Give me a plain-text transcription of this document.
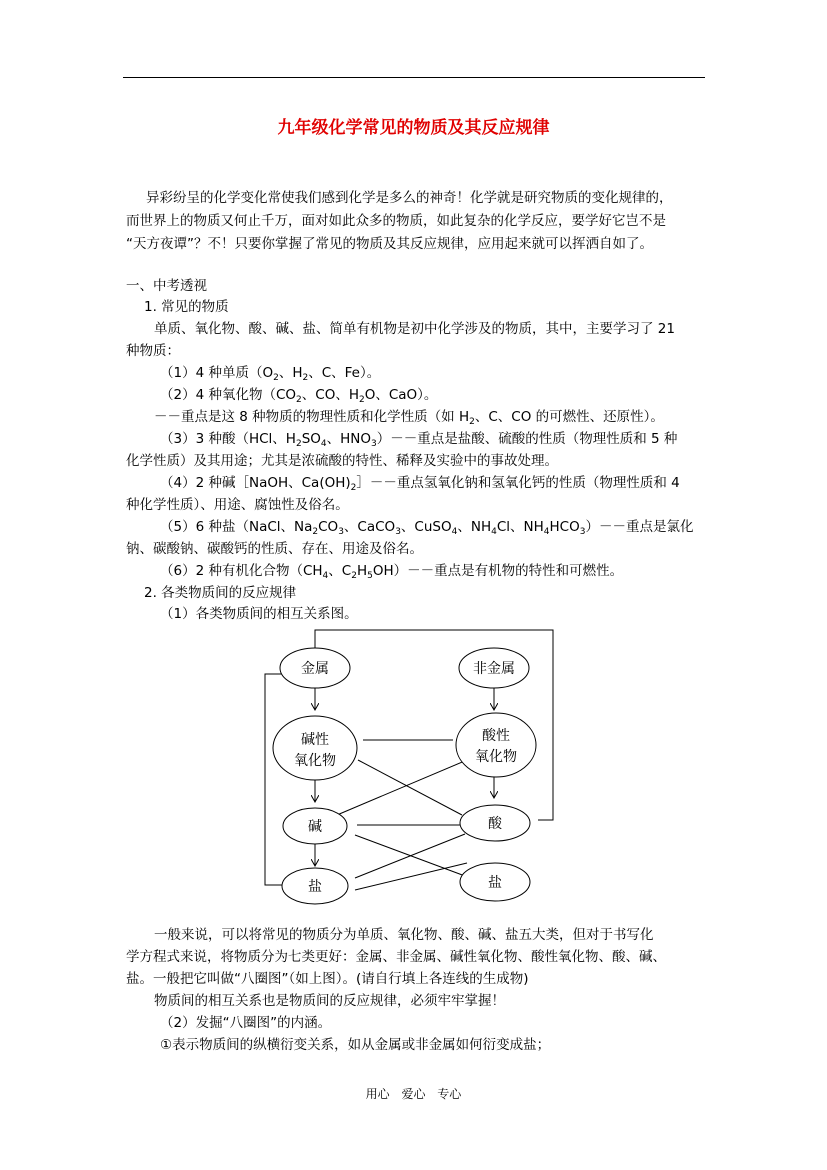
九年级化学常见的物质及其反应规律
异彩纷呈的化学变化常使我们感到化学是多么的神奇！化学就是研究物质的变化规律的，
而世界上的物质又何止千万，面对如此众多的物质，如此复杂的化学反应，要学好它岂不是
“天方夜谭”？不！只要你掌握了常见的物质及其反应规律，应用起来就可以挥洒自如了。
一、中考透视
1. 常见的物质
单质、氧化物、酸、碱、盐、简单有机物是初中化学涉及的物质，其中，主要学习了 21
种物质：
（1）4 种单质（$O_2$、$H_2$、C、Fe）。
（2）4 种氧化物（$CO_2$、CO、$H_2O$、CaO）。
－－重点是这 8 种物质的物理性质和化学性质（如 $H_2$、C、CO 的可燃性、还原性）。
（3）3 种酸（HCl、$H_2SO_4$、$HNO_3)--$重点是盐酸、硫酸的性质（物理性质和 5 种
化学性质）及其用途；尤其是浓硫酸的特性、稀释及实验中的事故处理。
（4）2 种碱［NaOH、$Ca(OH)_2]--$重点氢氧化钠和氢氧化钙的性质（物理性质和 4
种化学性质）、用途、腐蚀性及俗名。
（5）6 种盐（NaCl、$Na_2CO_3$、CaCO$_3$、CuSO$_4$、$NH_4Cl$、$NH_4HCO_3)--$重点是氯化
钠、碳酸钠、碳酸钙的性质、存在、用途及俗名。
（6）2 种有机化合物（$CH_4$、$C_2H_5OH)--$重点是有机物的特性和可燃性。
2. 各类物质间的反应规律
（1）各类物质间的相互关系图。
金属	非金属
碱性
氧化物
酸性
氧化物
碱	酸
盐	盐
一般来说，可以将常见的物质分为单质、氧化物、酸、碱、盐五大类，但对于书写化
学方程式来说，将物质分为七类更好：金属、非金属、碱性氧化物、酸性氧化物、酸、碱、
盐。一般把它叫做“八圈图”（如上图）。(请自行填上各连线的生成物)
物质间的相互关系也是物质间的反应规律，必须牢牢掌握！
（2）发掘“八圈图”的内涵。
①表示物质间的纵横衍变关系，如从金属或非金属如何衍变成盐；
用心 爱心 专心
